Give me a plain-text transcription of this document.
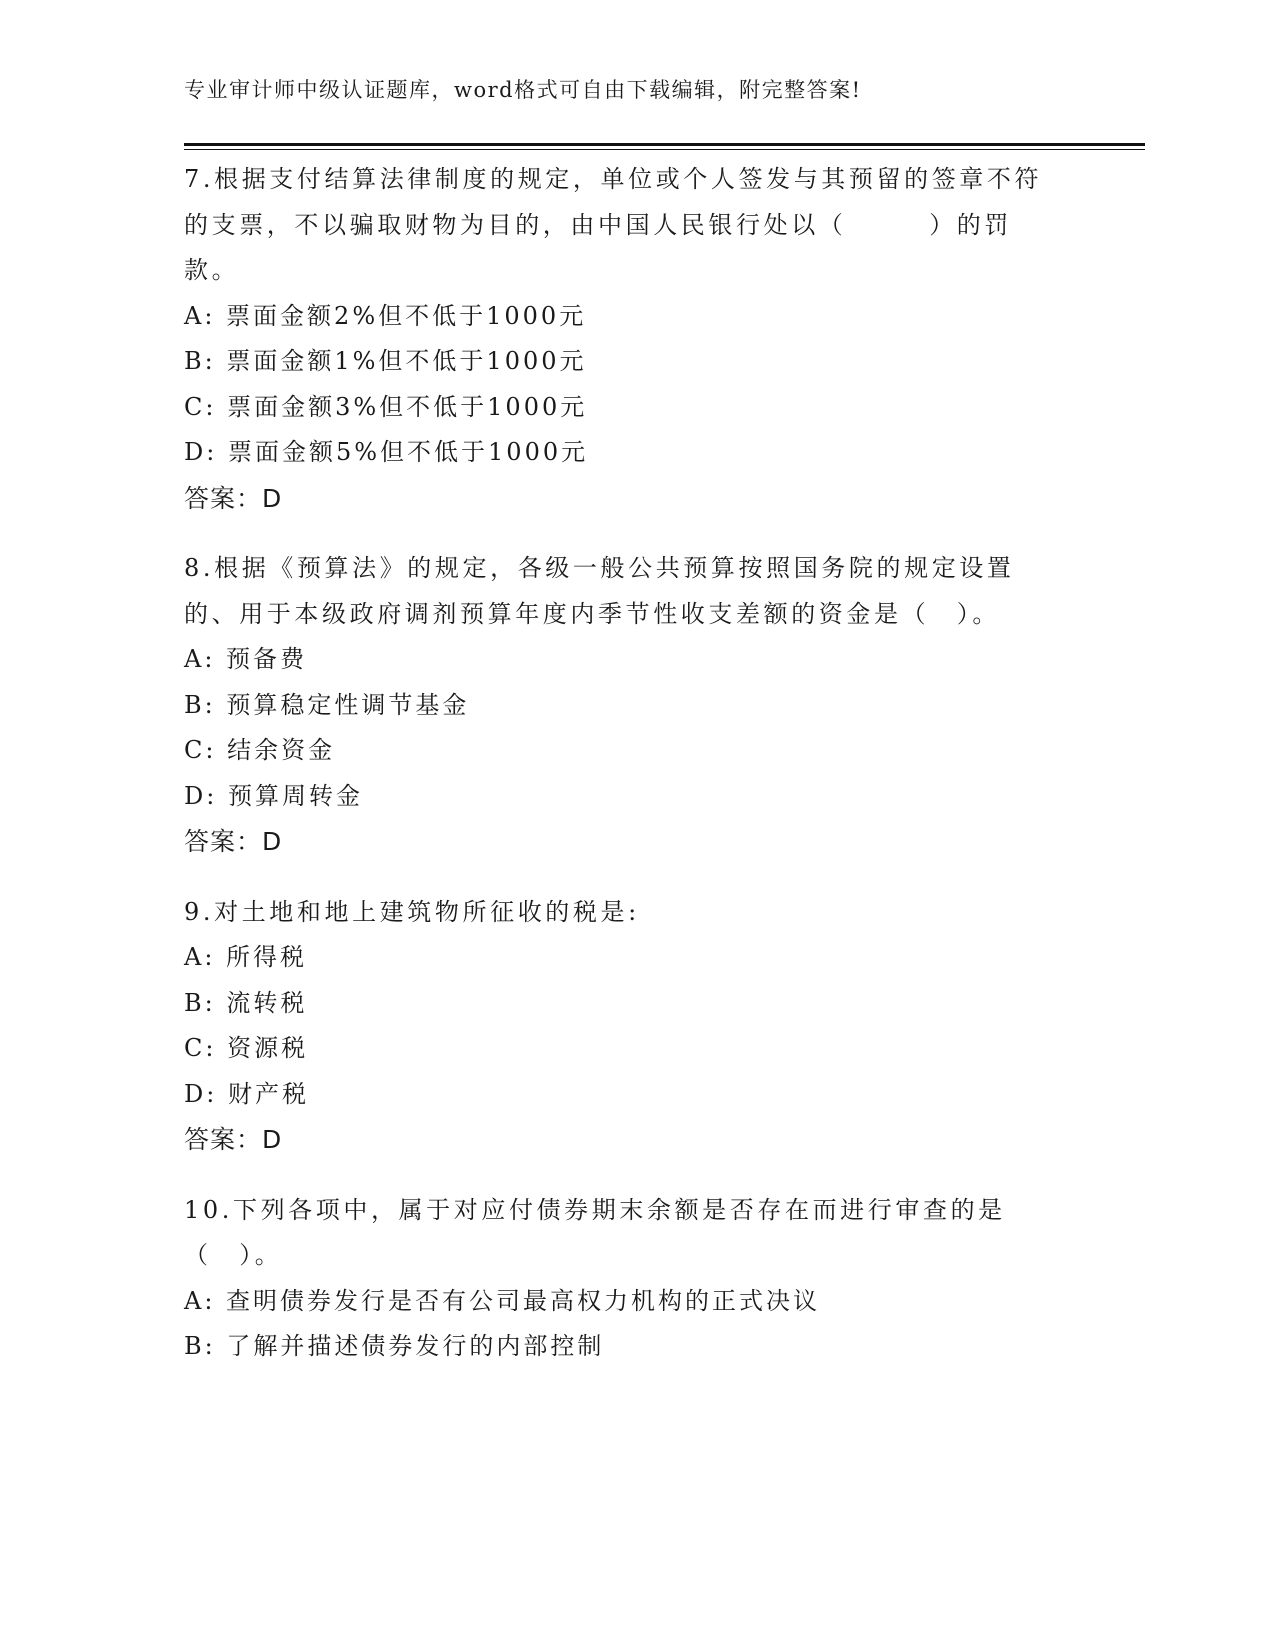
专业审计师中级认证题库，word格式可自由下载编辑，附完整答案!

7.根据支付结算法律制度的规定，单位或个人签发与其预留的签章不符的支票，不以骗取财物为目的，由中国人民银行处以（　　　）的罚款。

A: 票面金额2%但不低于1000元
B: 票面金额1%但不低于1000元
C: 票面金额3%但不低于1000元
D: 票面金额5%但不低于1000元
答案：D

8.根据《预算法》的规定，各级一般公共预算按照国务院的规定设置的、用于本级政府调剂预算年度内季节性收支差额的资金是（　）。

A: 预备费
B: 预算稳定性调节基金
C: 结余资金
D: 预算周转金
答案：D

9.对土地和地上建筑物所征收的税是:

A: 所得税
B: 流转税
C: 资源税
D: 财产税
答案：D

10.下列各项中，属于对应付债券期末余额是否存在而进行审查的是（　）。

A: 查明债券发行是否有公司最高权力机构的正式决议
B: 了解并描述债券发行的内部控制
